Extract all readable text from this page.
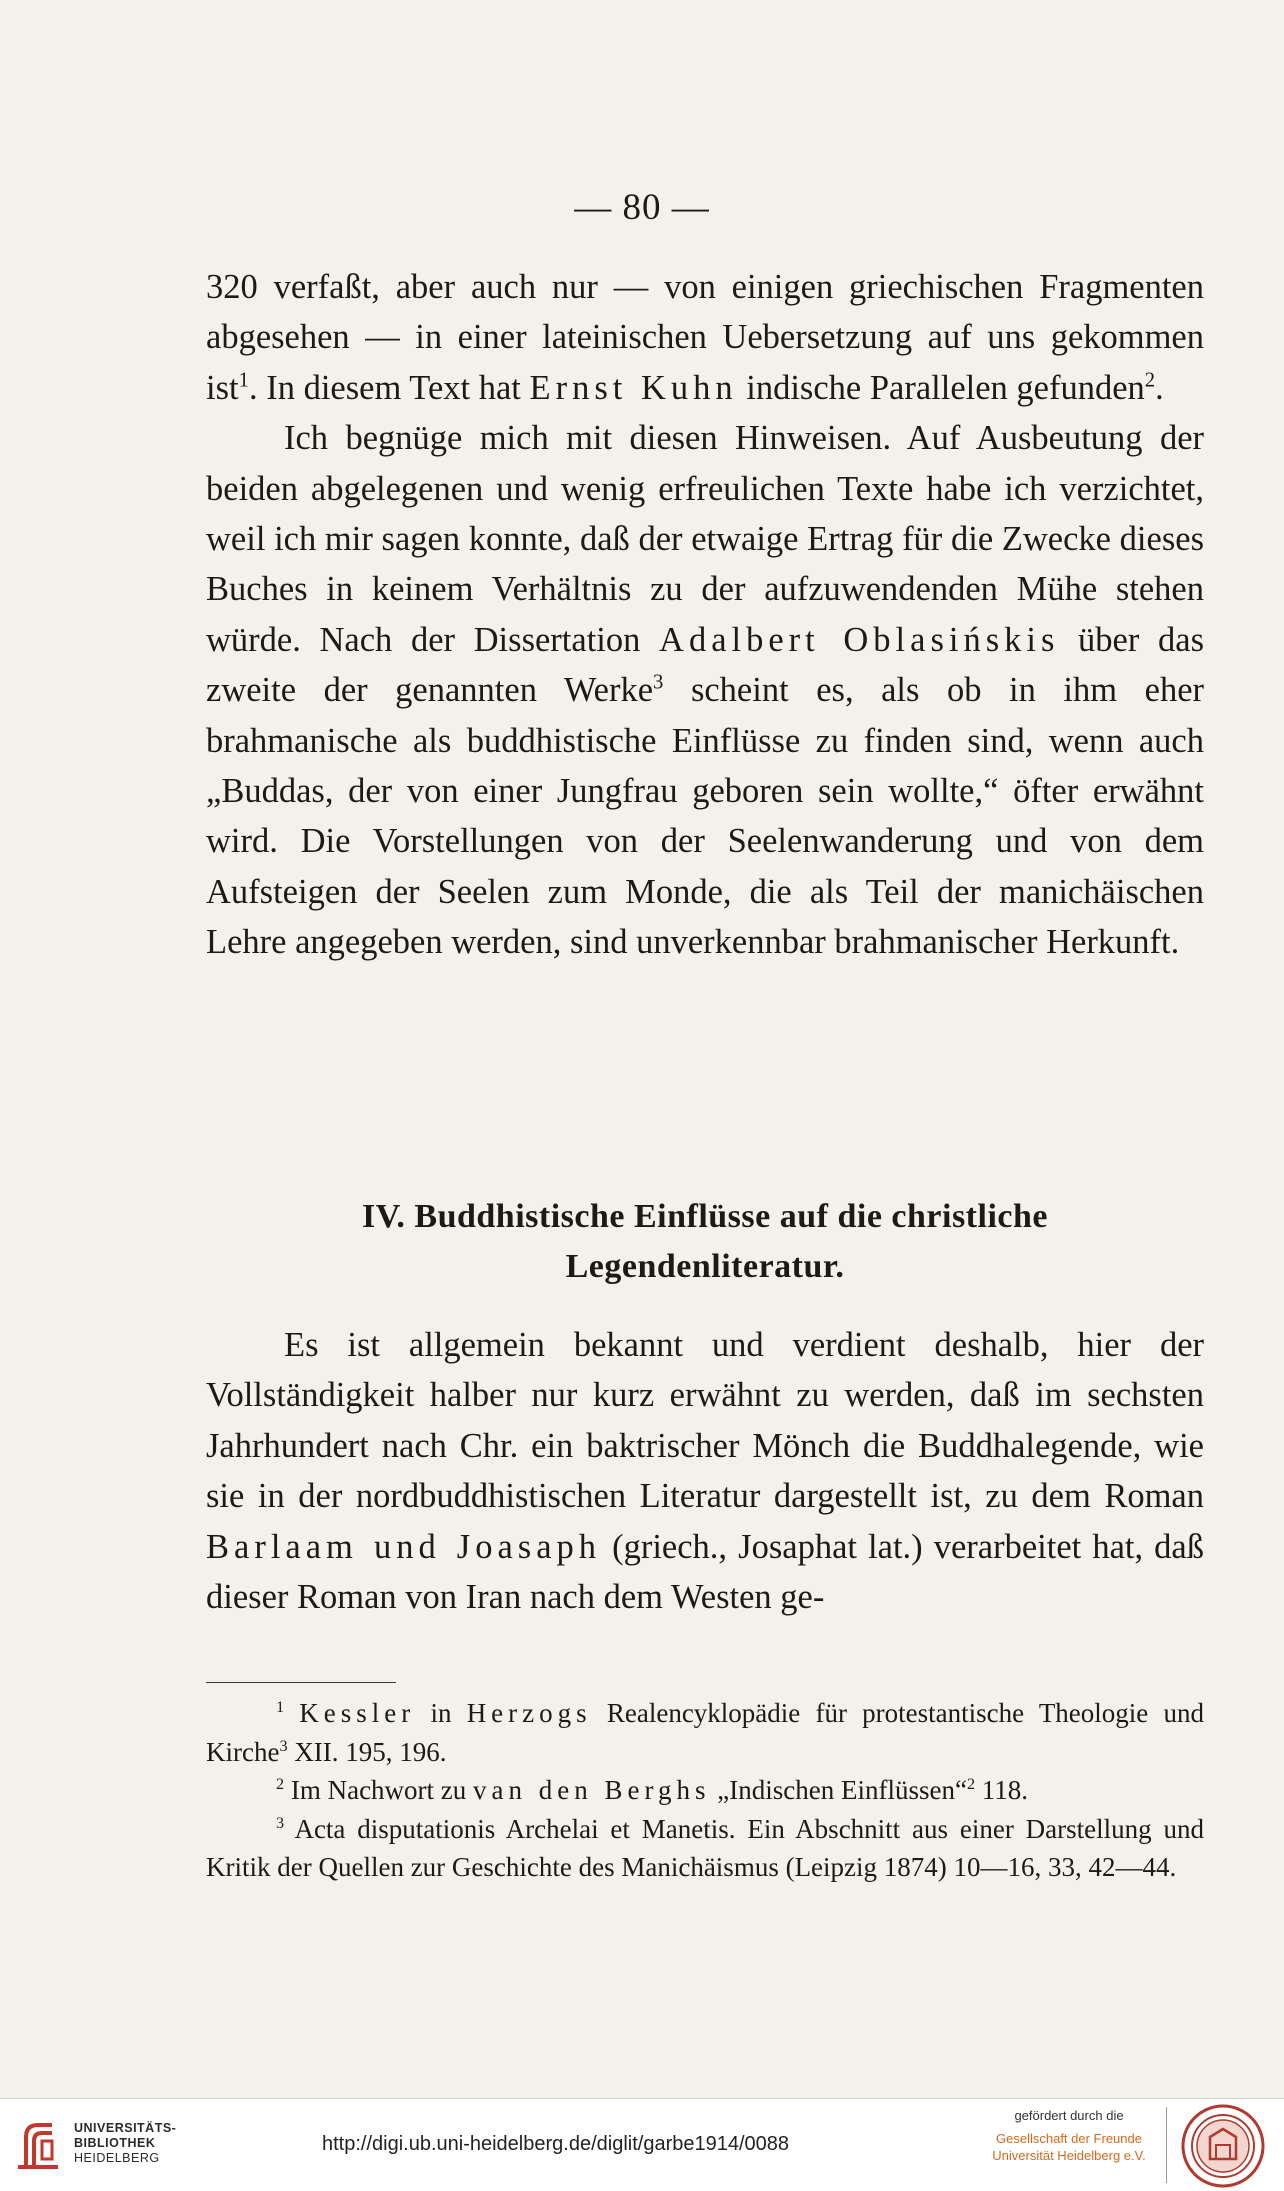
— 80 —

320 verfaßt, aber auch nur — von einigen griechischen Fragmenten abgesehen — in einer lateinischen Uebersetzung auf uns gekommen ist$^1$. In diesem Text hat Ernst Kuhn indische Parallelen gefunden$^2$.

Ich begnüge mich mit diesen Hinweisen. Auf Ausbeutung der beiden abgelegenen und wenig erfreulichen Texte habe ich verzichtet, weil ich mir sagen konnte, daß der etwaige Ertrag für die Zwecke dieses Buches in keinem Verhältnis zu der aufzuwendenden Mühe stehen würde. Nach der Dissertation Adalbert Oblasińskis über das zweite der genannten Werke$^3$ scheint es, als ob in ihm eher brahmanische als buddhistische Einflüsse zu finden sind, wenn auch „Buddas, der von einer Jungfrau geboren sein wollte,“ öfter erwähnt wird. Die Vorstellungen von der Seelenwanderung und von dem Aufsteigen der Seelen zum Monde, die als Teil der manichäischen Lehre angegeben werden, sind unverkennbar brahmanischer Herkunft.

IV. Buddhistische Einflüsse auf die christliche
Legendenliteratur.

Es ist allgemein bekannt und verdient deshalb, hier der Vollständigkeit halber nur kurz erwähnt zu werden, daß im sechsten Jahrhundert nach Chr. ein baktrischer Mönch die Buddhalegende, wie sie in der nordbuddhistischen Literatur dargestellt ist, zu dem Roman Barlaam und Joasaph (griech., Josaphat lat.) verarbeitet hat, daß dieser Roman von Iran nach dem Westen ge-

$^1$ Kessler in Herzogs Realencyklopädie für protestantische Theologie und Kirche$^3$ XII. 195, 196.

$^2$ Im Nachwort zu van den Berghs „Indischen Einflüssen“$^2$ 118.

$^3$ Acta disputationis Archelai et Manetis. Ein Abschnitt aus einer Darstellung und Kritik der Quellen zur Geschichte des Manichäismus (Leipzig 1874) 10—16, 33, 42—44.

UNIVERSITÄTS-
BIBLIOTHEK
HEIDELBERG
http://digi.ub.uni-heidelberg.de/diglit/garbe1914/0088
gefördert durch die
Gesellschaft der Freunde
Universität Heidelberg e.V.
